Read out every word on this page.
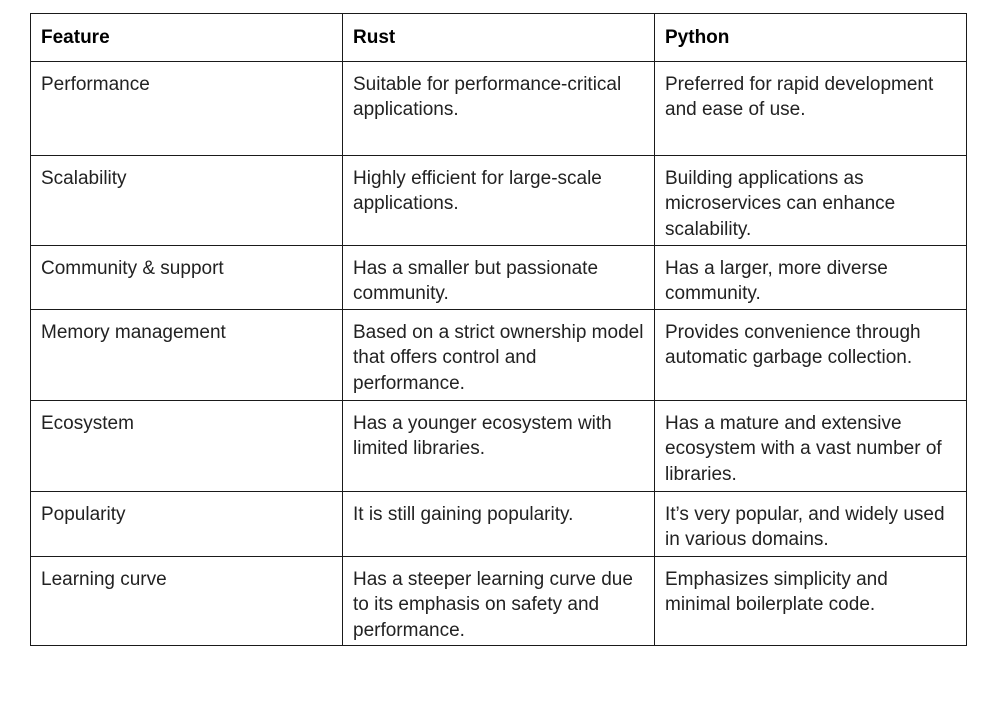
Feature	Rust	Python
Performance	Suitable for performance-critical applications.	Preferred for rapid development and ease of use.
Scalability	Highly efficient for large-scale applications.	Building applications as microservices can enhance scalability.
Community & support	Has a smaller but passionate community.	Has a larger, more diverse community.
Memory management	Based on a strict ownership model that offers control and performance.	Provides convenience through automatic garbage collection.
Ecosystem	Has a younger ecosystem with limited libraries.	Has a mature and extensive ecosystem with a vast number of libraries.
Popularity	It is still gaining popularity.	It’s very popular, and widely used in various domains.
Learning curve	Has a steeper learning curve due to its emphasis on safety and performance.	Emphasizes simplicity and minimal boilerplate code.
